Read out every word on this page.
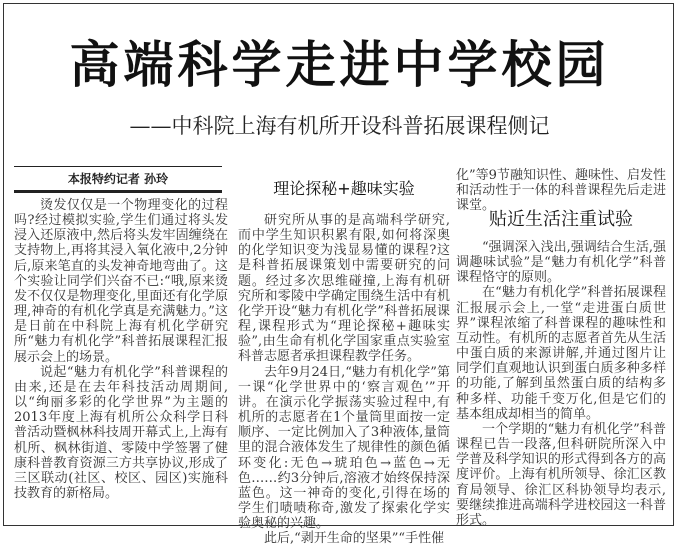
高端科学走进中学校园
——中科院上海有机所开设科普拓展课程侧记
本报特约记者 孙玲

烫发仅仅是一个物理变化的过程吗?经过模拟实验,学生们通过将头发浸入还原液中,然后将头发牢固缠绕在支持物上,再将其浸入氧化液中,2分钟后,原来笔直的头发神奇地弯曲了。这个实验让同学们兴奋不已:“哦,原来烫发不仅仅是物理变化,里面还有化学原理,神奇的有机化学真是充满魅力。”这是日前在中科院上海有机化学研究所“魅力有机化学”科普拓展课程汇报展示会上的场景。

说起“魅力有机化学”科普课程的由来,还是在去年科技活动周期间,以“绚丽多彩的化学世界”为主题的2013年度上海有机所公众科学日科普活动暨枫林科技周开幕式上,上海有机所、枫林街道、零陵中学签署了健康科普教育资源三方共享协议,形成了三区联动(社区、校区、园区)实施科技教育的新格局。

理论探秘+趣味实验

研究所从事的是高端科学研究,而中学生知识积累有限,如何将深奥的化学知识变为浅显易懂的课程?这是科普拓展课策划中需要研究的问题。经过多次思维碰撞,上海有机研究所和零陵中学确定围绕生活中有机化学开设“魅力有机化学”科普拓展课程,课程形式为“理论探秘+趣味实验”,由生命有机化学国家重点实验室科普志愿者承担课程教学任务。

去年9月24日,“魅力有机化学”第一课“化学世界中的‘察言观色’”开讲。在演示化学振荡实验过程中,有机所的志愿者在1个量筒里面按一定顺序、一定比例加入了3种液体,量筒里的混合液体发生了规律性的颜色循环变化:无色→琥珀色→蓝色→无色……约3分钟后,溶液才始终保持深蓝色。这一神奇的变化,引得在场的学生们啧啧称奇,激发了探索化学实验奥秘的兴趣。

此后,“剥开生命的坚果”“手性催

化”等9节融知识性、趣味性、启发性和活动性于一体的科普课程先后走进课堂。

贴近生活注重试验

“强调深入浅出,强调结合生活,强调趣味试验”是“魅力有机化学”科普课程恪守的原则。

在“魅力有机化学”科普拓展课程汇报展示会上,一堂“走进蛋白质世界”课程浓缩了科普课程的趣味性和互动性。有机所的志愿者首先从生活中蛋白质的来源讲解,并通过图片让同学们直观地认识到蛋白质多种多样的功能,了解到虽然蛋白质的结构多种多样、功能千变万化,但是它们的基本组成却相当的简单。

一个学期的“魅力有机化学”科普课程已告一段落,但科研院所深入中学普及科学知识的形式得到各方的高度评价。上海有机所领导、徐汇区教育局领导、徐汇区科协领导均表示,要继续推进高端科学进校园这一科普形式。
